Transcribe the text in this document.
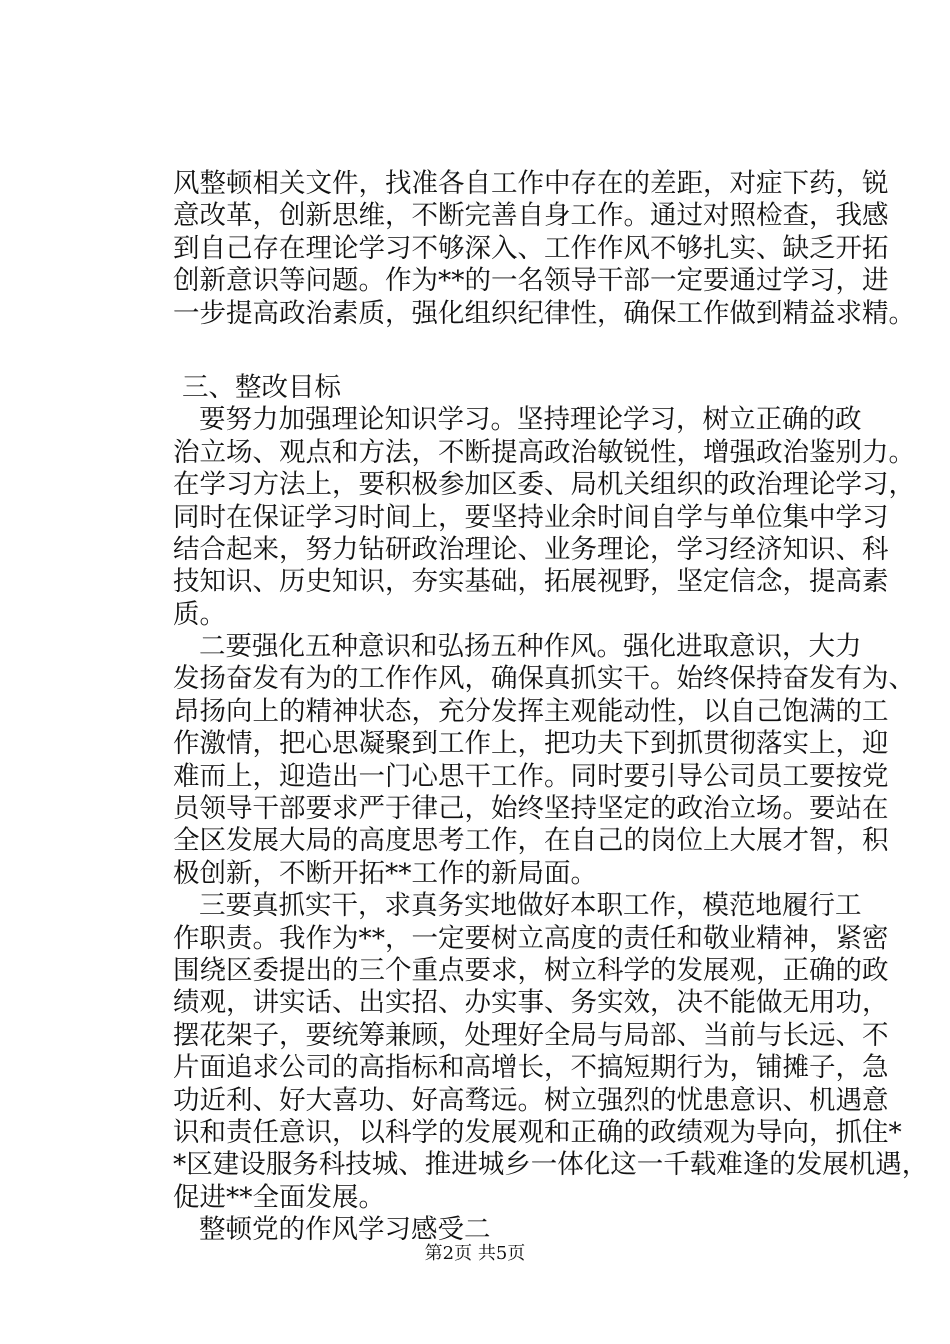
风整顿相关文件，找准各自工作中存在的差距，对症下药，锐
意改革，创新思维，不断完善自身工作。通过对照检查，我感
到自己存在理论学习不够深入、工作作风不够扎实、缺乏开拓
创新意识等问题。作为**的一名领导干部一定要通过学习，进
一步提高政治素质，强化组织纪律性，确保工作做到精益求精。
三、整改目标
要努力加强理论知识学习。坚持理论学习，树立正确的政
治立场、观点和方法，不断提高政治敏锐性，增强政治鉴别力。
在学习方法上，要积极参加区委、局机关组织的政治理论学习，
同时在保证学习时间上，要坚持业余时间自学与单位集中学习
结合起来，努力钻研政治理论、业务理论，学习经济知识、科
技知识、历史知识，夯实基础，拓展视野，坚定信念，提高素
质。
二要强化五种意识和弘扬五种作风。强化进取意识，大力
发扬奋发有为的工作作风，确保真抓实干。始终保持奋发有为、
昂扬向上的精神状态，充分发挥主观能动性，以自己饱满的工
作激情，把心思凝聚到工作上，把功夫下到抓贯彻落实上，迎
难而上，迎造出一门心思干工作。同时要引导公司员工要按党
员领导干部要求严于律己，始终坚持坚定的政治立场。要站在
全区发展大局的高度思考工作，在自己的岗位上大展才智，积
极创新，不断开拓**工作的新局面。
三要真抓实干，求真务实地做好本职工作，模范地履行工
作职责。我作为**，一定要树立高度的责任和敬业精神，紧密
围绕区委提出的三个重点要求，树立科学的发展观，正确的政
绩观，讲实话、出实招、办实事、务实效，决不能做无用功，
摆花架子，要统筹兼顾，处理好全局与局部、当前与长远、不
片面追求公司的高指标和高增长，不搞短期行为，铺摊子，急
功近利、好大喜功、好高骛远。树立强烈的忧患意识、机遇意
识和责任意识，以科学的发展观和正确的政绩观为导向，抓住*
*区建设服务科技城、推进城乡一体化这一千载难逢的发展机遇，
促进**全面发展。
整顿党的作风学习感受二
第2页 共5页
